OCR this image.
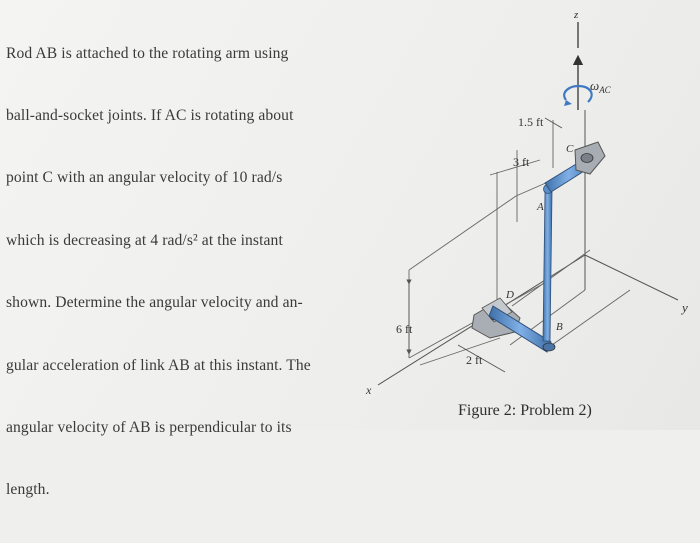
Rod AB is attached to the rotating arm using

ball-and-socket joints. If AC is rotating about

point C with an angular velocity of 10 rad/s

which is decreasing at 4 rad/s² at the instant

shown. Determine the angular velocity and an-

gular acceleration of link AB at this instant. The

angular velocity of AB is perpendicular to its

length.

z
y
x
$\omega_{AC}$
1.5 ft
3 ft
6 ft
2 ft
A
B
C
D
Figure 2: Problem 2)
